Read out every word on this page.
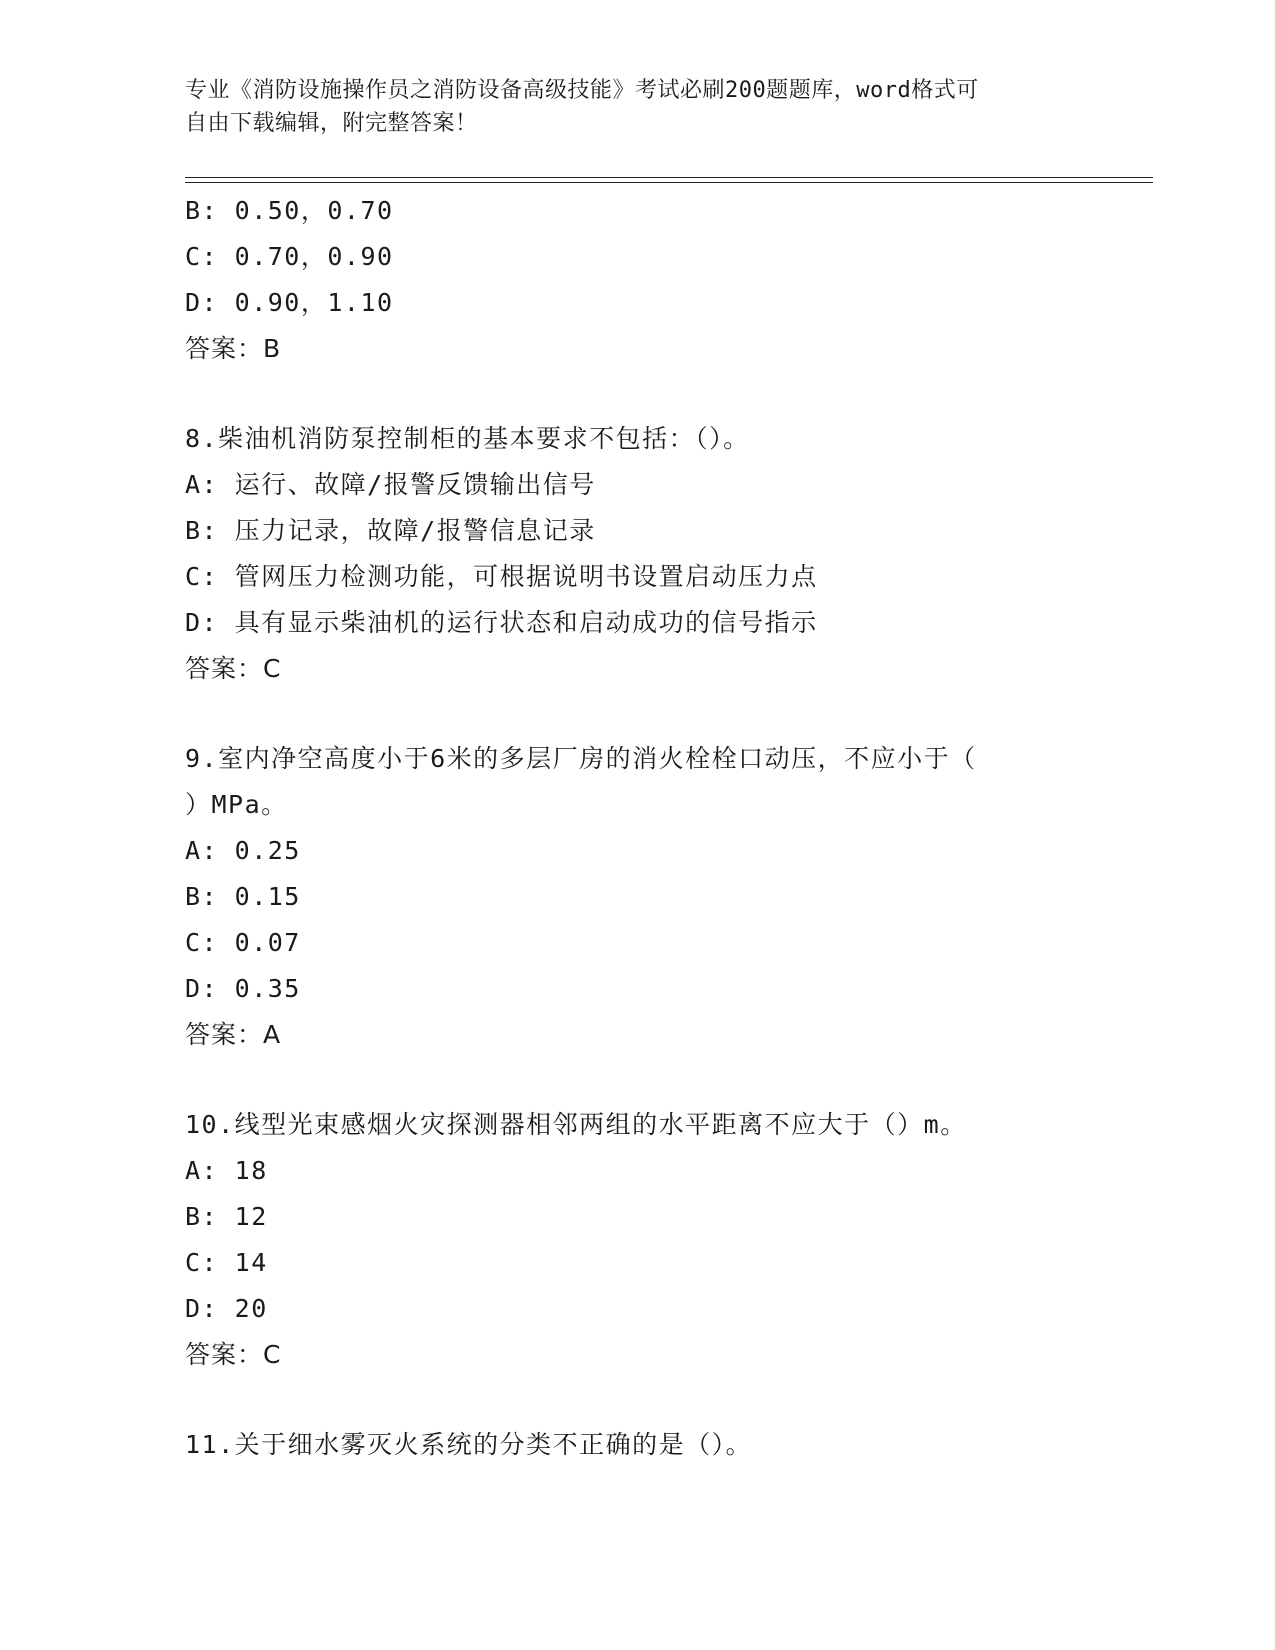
专业《消防设施操作员之消防设备高级技能》考试必刷200题题库，word格式可
自由下载编辑，附完整答案！
B: 0.50，0.70
C: 0.70，0.90
D: 0.90，1.10
答案：B
8.柴油机消防泵控制柜的基本要求不包括：（）。
A: 运行、故障/报警反馈输出信号
B: 压力记录，故障/报警信息记录
C: 管网压力检测功能，可根据说明书设置启动压力点
D: 具有显示柴油机的运行状态和启动成功的信号指示
答案：C
9.室内净空高度小于6米的多层厂房的消火栓栓口动压，不应小于（
）MPa。
A: 0.25
B: 0.15
C: 0.07
D: 0.35
答案：A
10.线型光束感烟火灾探测器相邻两组的水平距离不应大于（）m。
A: 18
B: 12
C: 14
D: 20
答案：C
11.关于细水雾灭火系统的分类不正确的是（）。
